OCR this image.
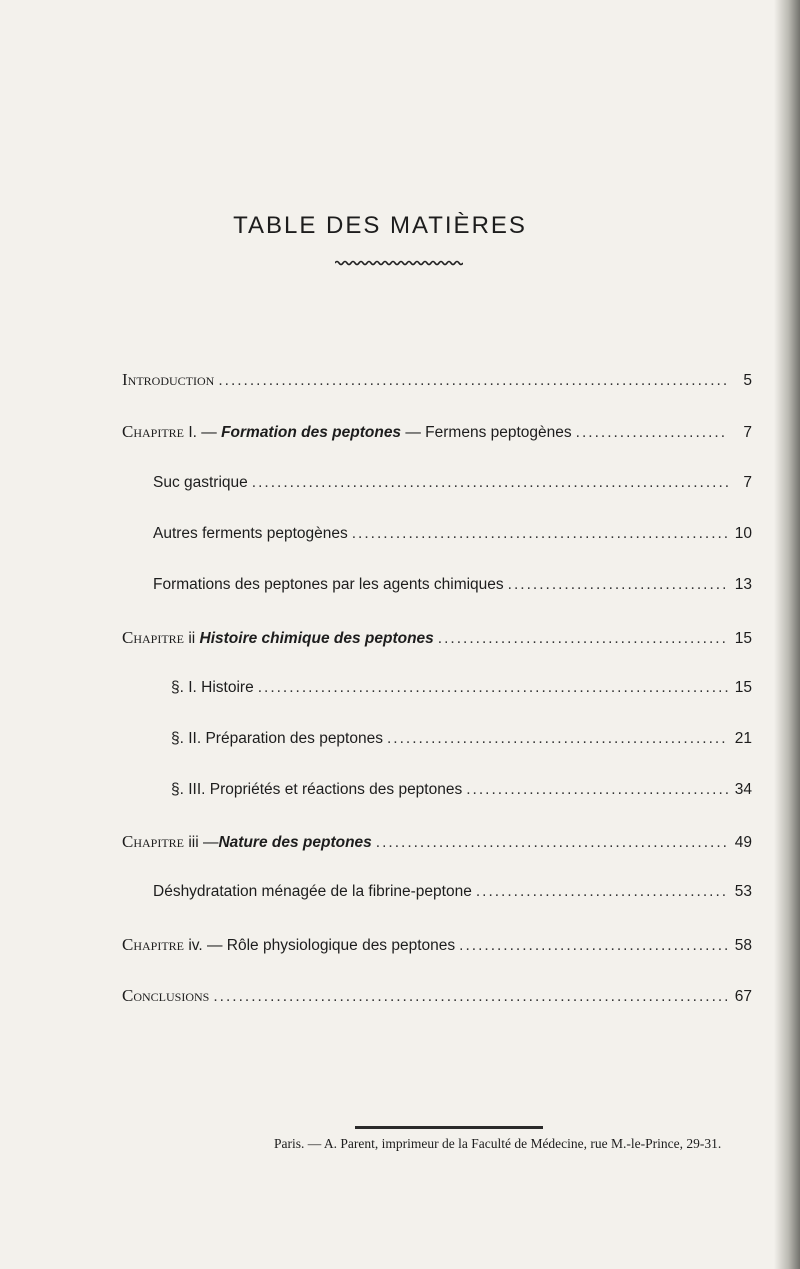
TABLE DES MATIÈRES
Introduction .....	5
Chapitre I. — Formation des peptones — Fermens peptogènes .....	7
Suc gastrique .....	7
Autres ferments peptogènes .....	10
Formations des peptones par les agents chimiques .....	13
Chapitre ii Histoire chimique des peptones .....	15
§. I. Histoire .....	15
§. II. Préparation des peptones .....	21
§. III. Propriétés et réactions des peptones .....	34
Chapitre iii —Nature des peptones .....	49
Déshydratation ménagée de la fibrine-peptone .....	53
Chapitre iv. — Rôle physiologique des peptones .....	58
Conclusions .....	67
Paris. — A. Parent, imprimeur de la Faculté de Médecine, rue M.-le-Prince, 29-31.
